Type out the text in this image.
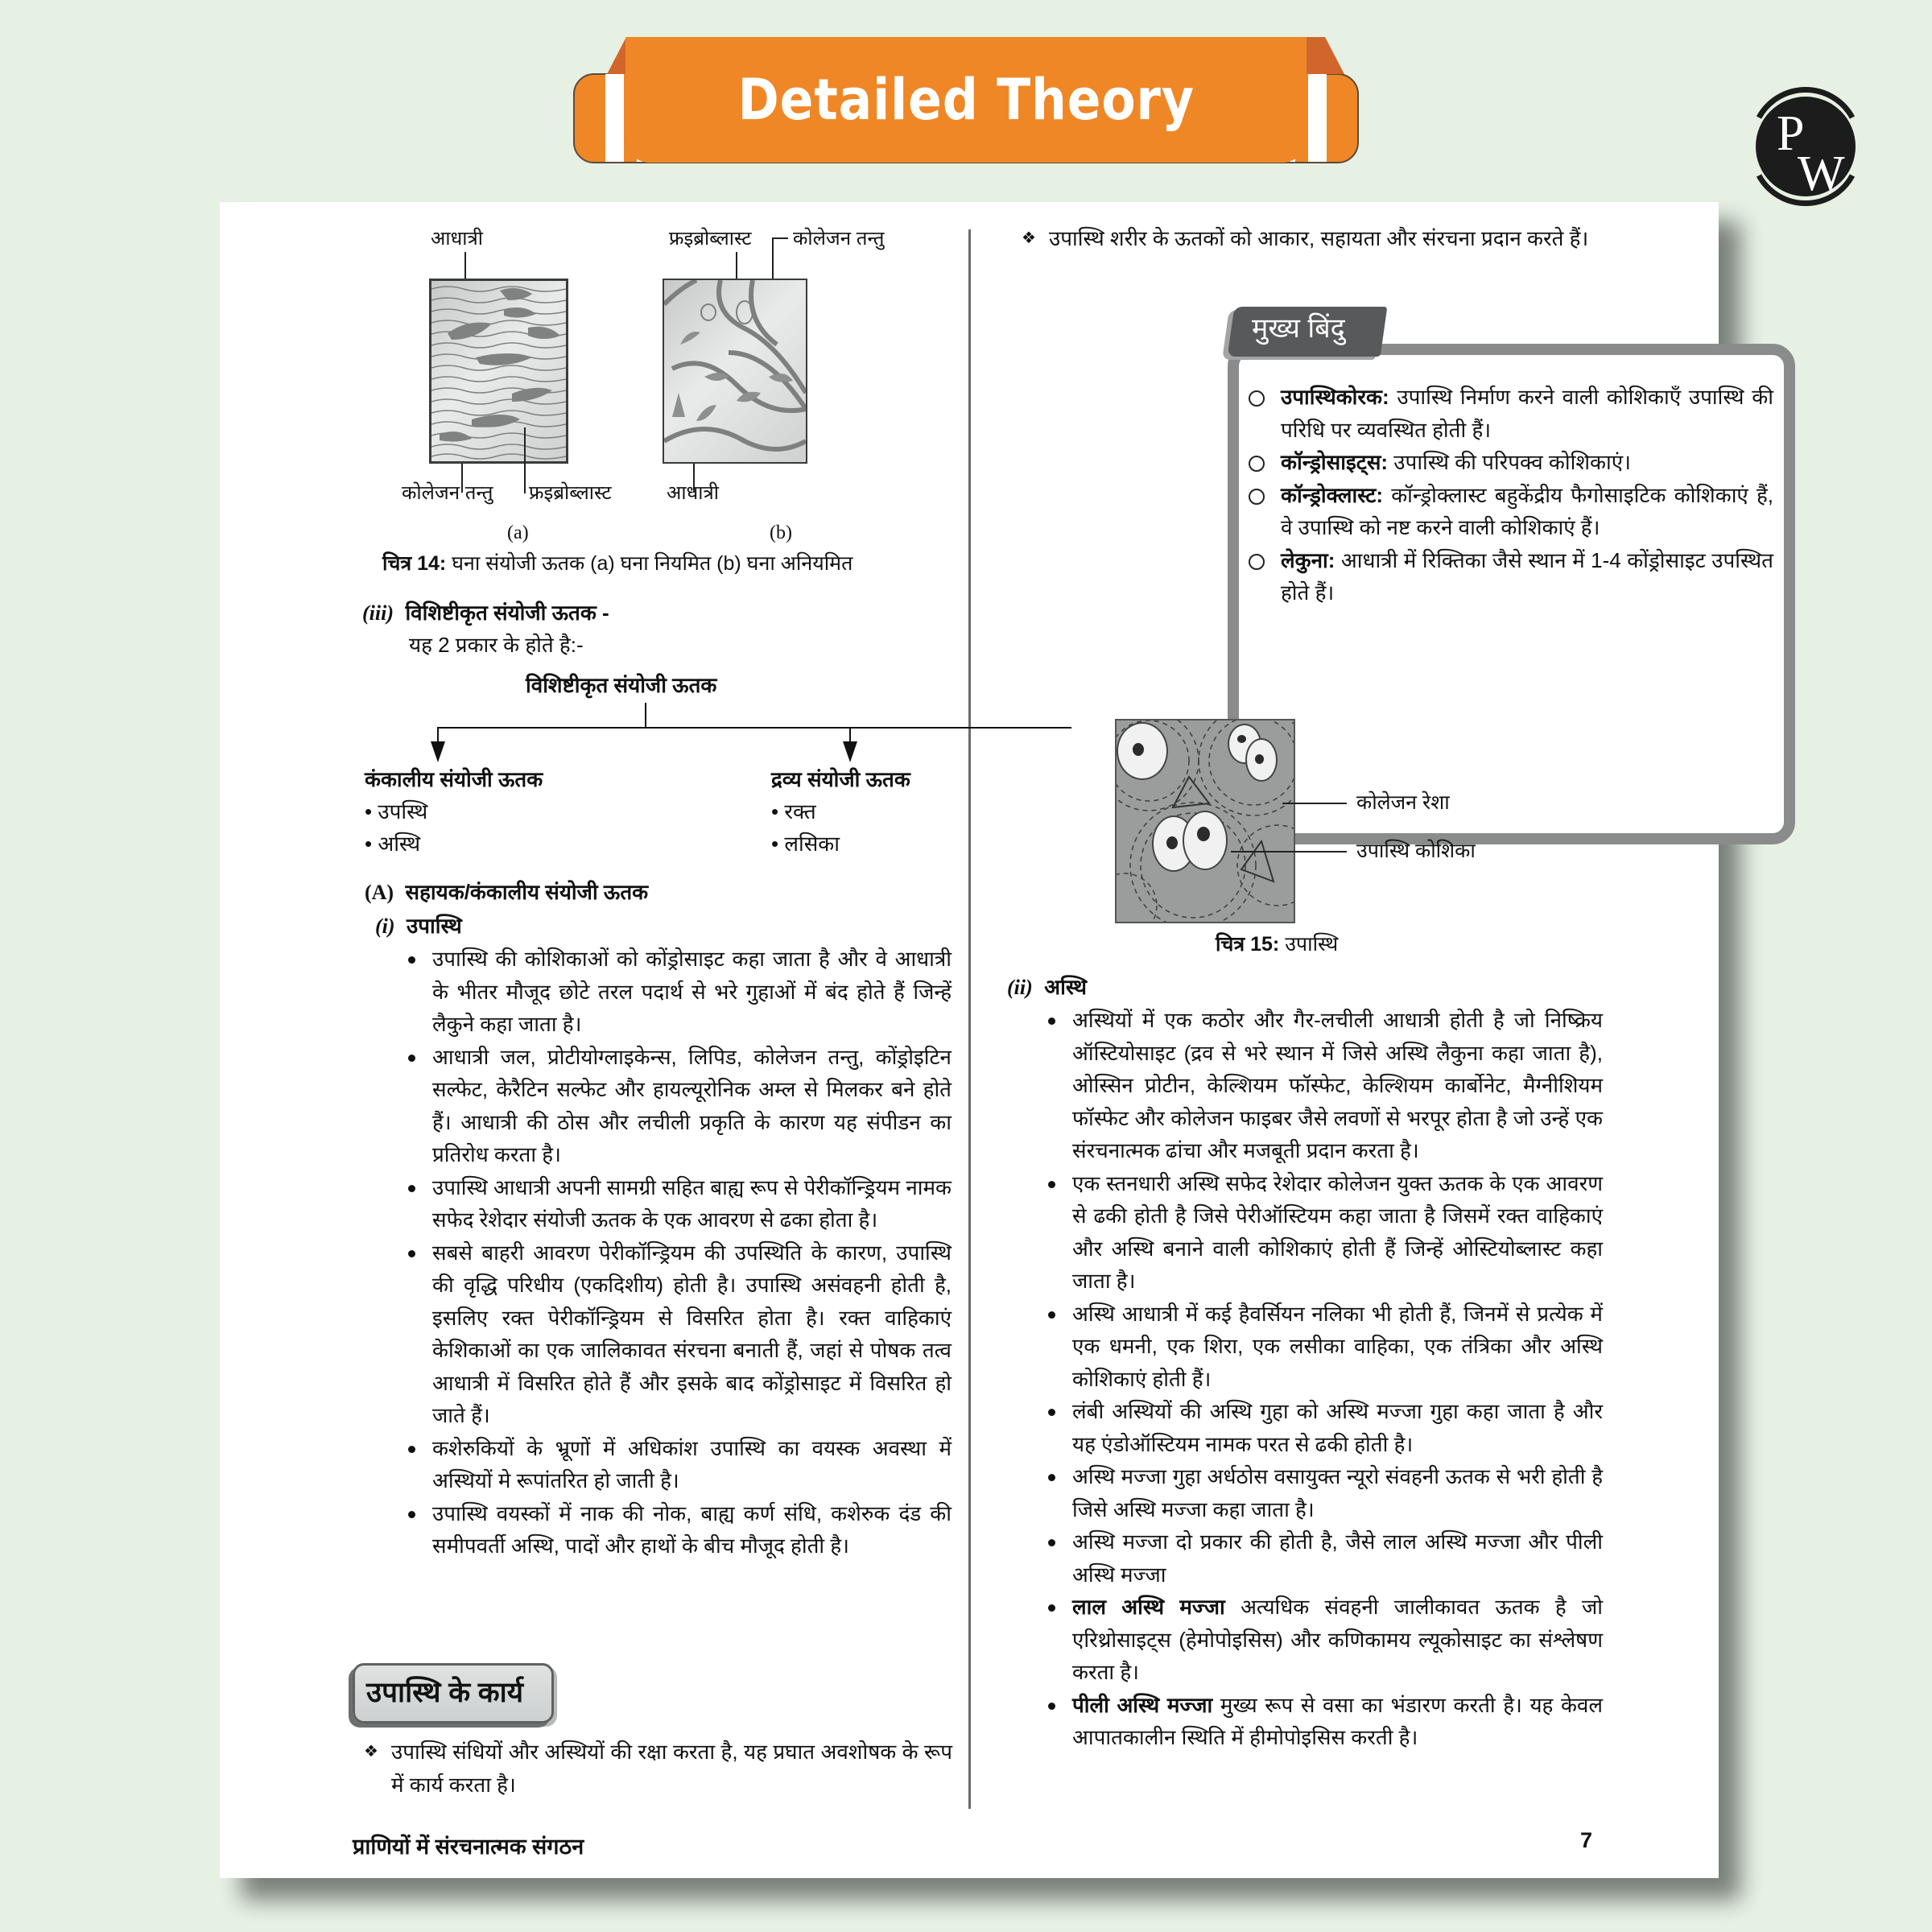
Detailed Theory
P
W
आधात्री
कोलेजन तन्तु फ्रइब्रोब्लास्ट
(a)
फ्रइब्रोब्लास्ट कोलेजन तन्तु
आधात्री
(b)
चित्र 14: घना संयोजी ऊतक (a) घना नियमित (b) घना अनियमित
(iii) विशिष्टीकृत संयोजी ऊतक -
यह 2 प्रकार के होते है:-
विशिष्टीकृत संयोजी ऊतक
कंकालीय संयोजी ऊतक
• उपस्थि
• अस्थि
द्रव्य संयोजी ऊतक
• रक्त
• लसिका
(A) सहायक/कंकालीय संयोजी ऊतक
(i) उपास्थि
उपास्थि की कोशिकाओं को कोंड्रोसाइट कहा जाता है और वे आधात्री के भीतर मौजूद छोटे तरल पदार्थ से भरे गुहाओं में बंद होते हैं जिन्हें लैकुने कहा जाता है।
आधात्री जल, प्रोटीयोग्लाइकेन्स, लिपिड, कोलेजन तन्तु, कोंड्रोइटिन सल्फेट, केरैटिन सल्फेट और हायल्यूरोनिक अम्ल से मिलकर बने होते हैं। आधात्री की ठोस और लचीली प्रकृति के कारण यह संपीडन का प्रतिरोध करता है।
उपास्थि आधात्री अपनी सामग्री सहित बाह्य रूप से पेरीकॉन्ड्रियम नामक सफेद रेशेदार संयोजी ऊतक के एक आवरण से ढका होता है।
सबसे बाहरी आवरण पेरीकॉन्ड्रियम की उपस्थिति के कारण, उपास्थि की वृद्धि परिधीय (एकदिशीय) होती है। उपास्थि असंवहनी होती है, इसलिए रक्त पेरीकॉन्ड्रियम से विसरित होता है। रक्त वाहिकाएं केशिकाओं का एक जालिकावत संरचना बनाती हैं, जहां से पोषक तत्व आधात्री में विसरित होते हैं और इसके बाद कोंड्रोसाइट में विसरित हो जाते हैं।
कशेरुकियों के भ्रूणों में अधिकांश उपास्थि का वयस्क अवस्था में अस्थियों मे रूपांतरित हो जाती है।
उपास्थि वयस्कों में नाक की नोक, बाह्य कर्ण संधि, कशेरुक दंड की समीपवर्ती अस्थि, पादों और हाथों के बीच मौजूद होती है।
उपास्थि के कार्य
❖ उपास्थि संधियों और अस्थियों की रक्षा करता है, यह प्रघात अवशोषक के रूप में कार्य करता है।
प्राणियों में संरचनात्मक संगठन
❖ उपास्थि शरीर के ऊतकों को आकार, सहायता और संरचना प्रदान करते हैं।
मुख्य बिंदु
उपास्थिकोरक: उपास्थि निर्माण करने वाली कोशिकाएँ उपास्थि की परिधि पर व्यवस्थित होती हैं।
कॉन्ड्रोसाइट्स: उपास्थि की परिपक्व कोशिकाएं।
कॉन्ड्रोक्लास्ट: कॉन्ड्रोक्लास्ट बहुकेंद्रीय फैगोसाइटिक कोशिकाएं हैं, वे उपास्थि को नष्ट करने वाली कोशिकाएं हैं।
लेकुना: आधात्री में रिक्तिका जैसे स्थान में 1-4 कोंड्रोसाइट उपस्थित होते हैं।
कोलेजन रेशा
उपास्थि कोशिका
चित्र 15: उपास्थि
(ii) अस्थि
अस्थियों में एक कठोर और गैर-लचीली आधात्री होती है जो निष्क्रिय ऑस्टियोसाइट (द्रव से भरे स्थान में जिसे अस्थि लैकुना कहा जाता है), ओस्सिन प्रोटीन, केल्शियम फॉस्फेट, केल्शियम कार्बोनेट, मैग्नीशियम फॉस्फेट और कोलेजन फाइबर जैसे लवणों से भरपूर होता है जो उन्हें एक संरचनात्मक ढांचा और मजबूती प्रदान करता है।
एक स्तनधारी अस्थि सफेद रेशेदार कोलेजन युक्त ऊतक के एक आवरण से ढकी होती है जिसे पेरीऑस्टियम कहा जाता है जिसमें रक्त वाहिकाएं और अस्थि बनाने वाली कोशिकाएं होती हैं जिन्हें ओस्टियोब्लास्ट कहा जाता है।
अस्थि आधात्री में कई हैवर्सियन नलिका भी होती हैं, जिनमें से प्रत्येक में एक धमनी, एक शिरा, एक लसीका वाहिका, एक तंत्रिका और अस्थि कोशिकाएं होती हैं।
लंबी अस्थियों की अस्थि गुहा को अस्थि मज्जा गुहा कहा जाता है और यह एंडोऑस्टियम नामक परत से ढकी होती है।
अस्थि मज्जा गुहा अर्धठोस वसायुक्त न्यूरो संवहनी ऊतक से भरी होती है जिसे अस्थि मज्जा कहा जाता है।
अस्थि मज्जा दो प्रकार की होती है, जैसे लाल अस्थि मज्जा और पीली अस्थि मज्जा
लाल अस्थि मज्जा अत्यधिक संवहनी जालीकावत ऊतक है जो एरिथ्रोसाइट्स (हेमोपोइसिस) और कणिकामय ल्यूकोसाइट का संश्लेषण करता है।
पीली अस्थि मज्जा मुख्य रूप से वसा का भंडारण करती है। यह केवल आपातकालीन स्थिति में हीमोपोइसिस करती है।
7
